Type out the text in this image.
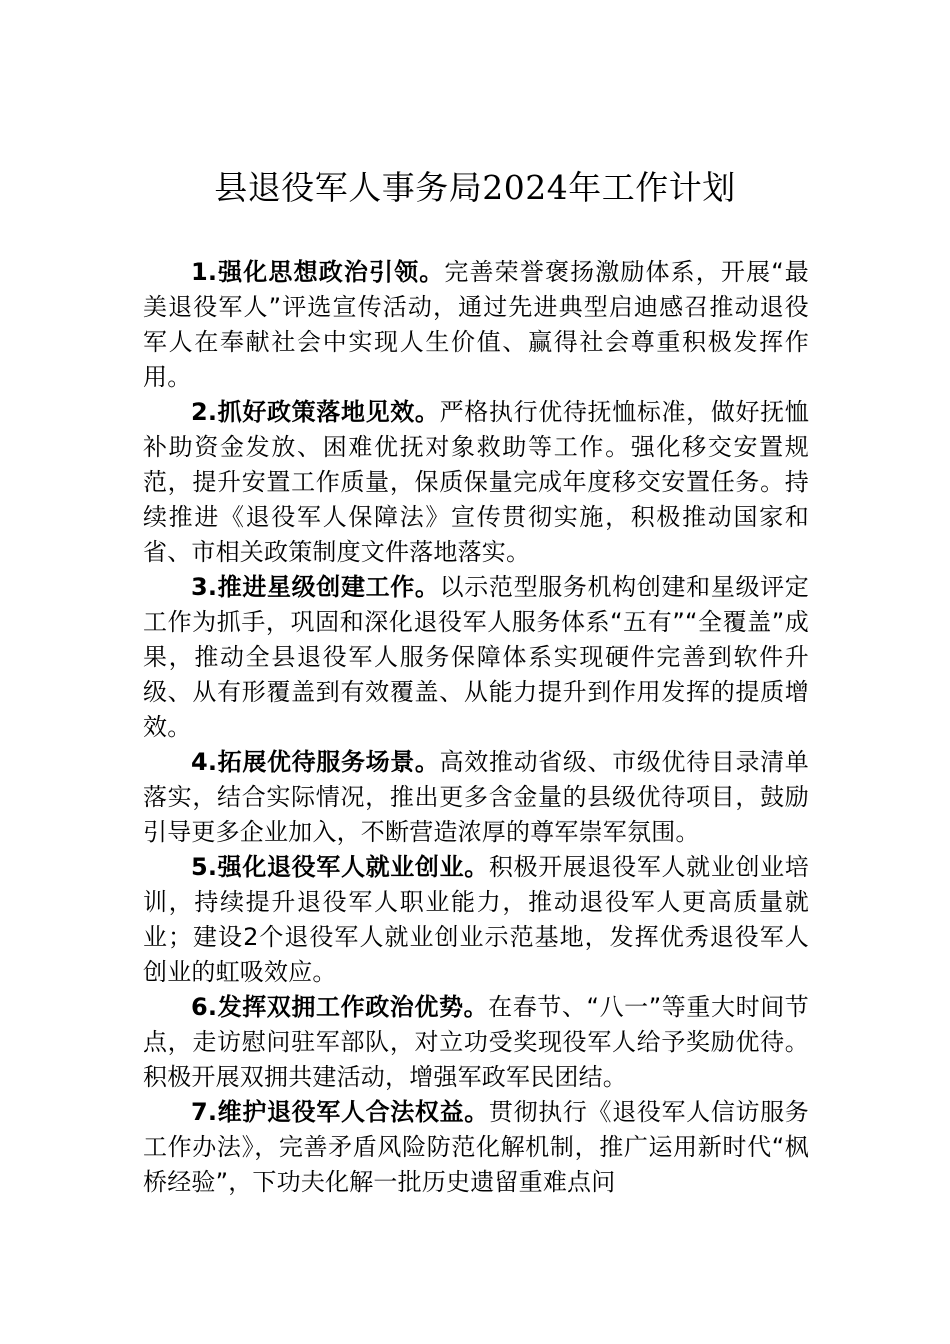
县退役军人事务局2024年工作计划

1.强化思想政治引领。完善荣誉褒扬激励体系，开展“最美退役军人”评选宣传活动，通过先进典型启迪感召推动退役军人在奉献社会中实现人生价值、赢得社会尊重积极发挥作用。

2.抓好政策落地见效。严格执行优待抚恤标准，做好抚恤补助资金发放、困难优抚对象救助等工作。强化移交安置规范，提升安置工作质量，保质保量完成年度移交安置任务。持续推进《退役军人保障法》宣传贯彻实施，积极推动国家和省、市相关政策制度文件落地落实。

3.推进星级创建工作。以示范型服务机构创建和星级评定工作为抓手，巩固和深化退役军人服务体系“五有”“全覆盖”成果，推动全县退役军人服务保障体系实现硬件完善到软件升级、从有形覆盖到有效覆盖、从能力提升到作用发挥的提质增效。

4.拓展优待服务场景。高效推动省级、市级优待目录清单落实，结合实际情况，推出更多含金量的县级优待项目，鼓励引导更多企业加入，不断营造浓厚的尊军崇军氛围。

5.强化退役军人就业创业。积极开展退役军人就业创业培训，持续提升退役军人职业能力，推动退役军人更高质量就业；建设2个退役军人就业创业示范基地，发挥优秀退役军人创业的虹吸效应。

6.发挥双拥工作政治优势。在春节、“八一”等重大时间节点，走访慰问驻军部队，对立功受奖现役军人给予奖励优待。积极开展双拥共建活动，增强军政军民团结。

7.维护退役军人合法权益。贯彻执行《退役军人信访服务工作办法》，完善矛盾风险防范化解机制，推广运用新时代“枫桥经验”，下功夫化解一批历史遗留重难点问
